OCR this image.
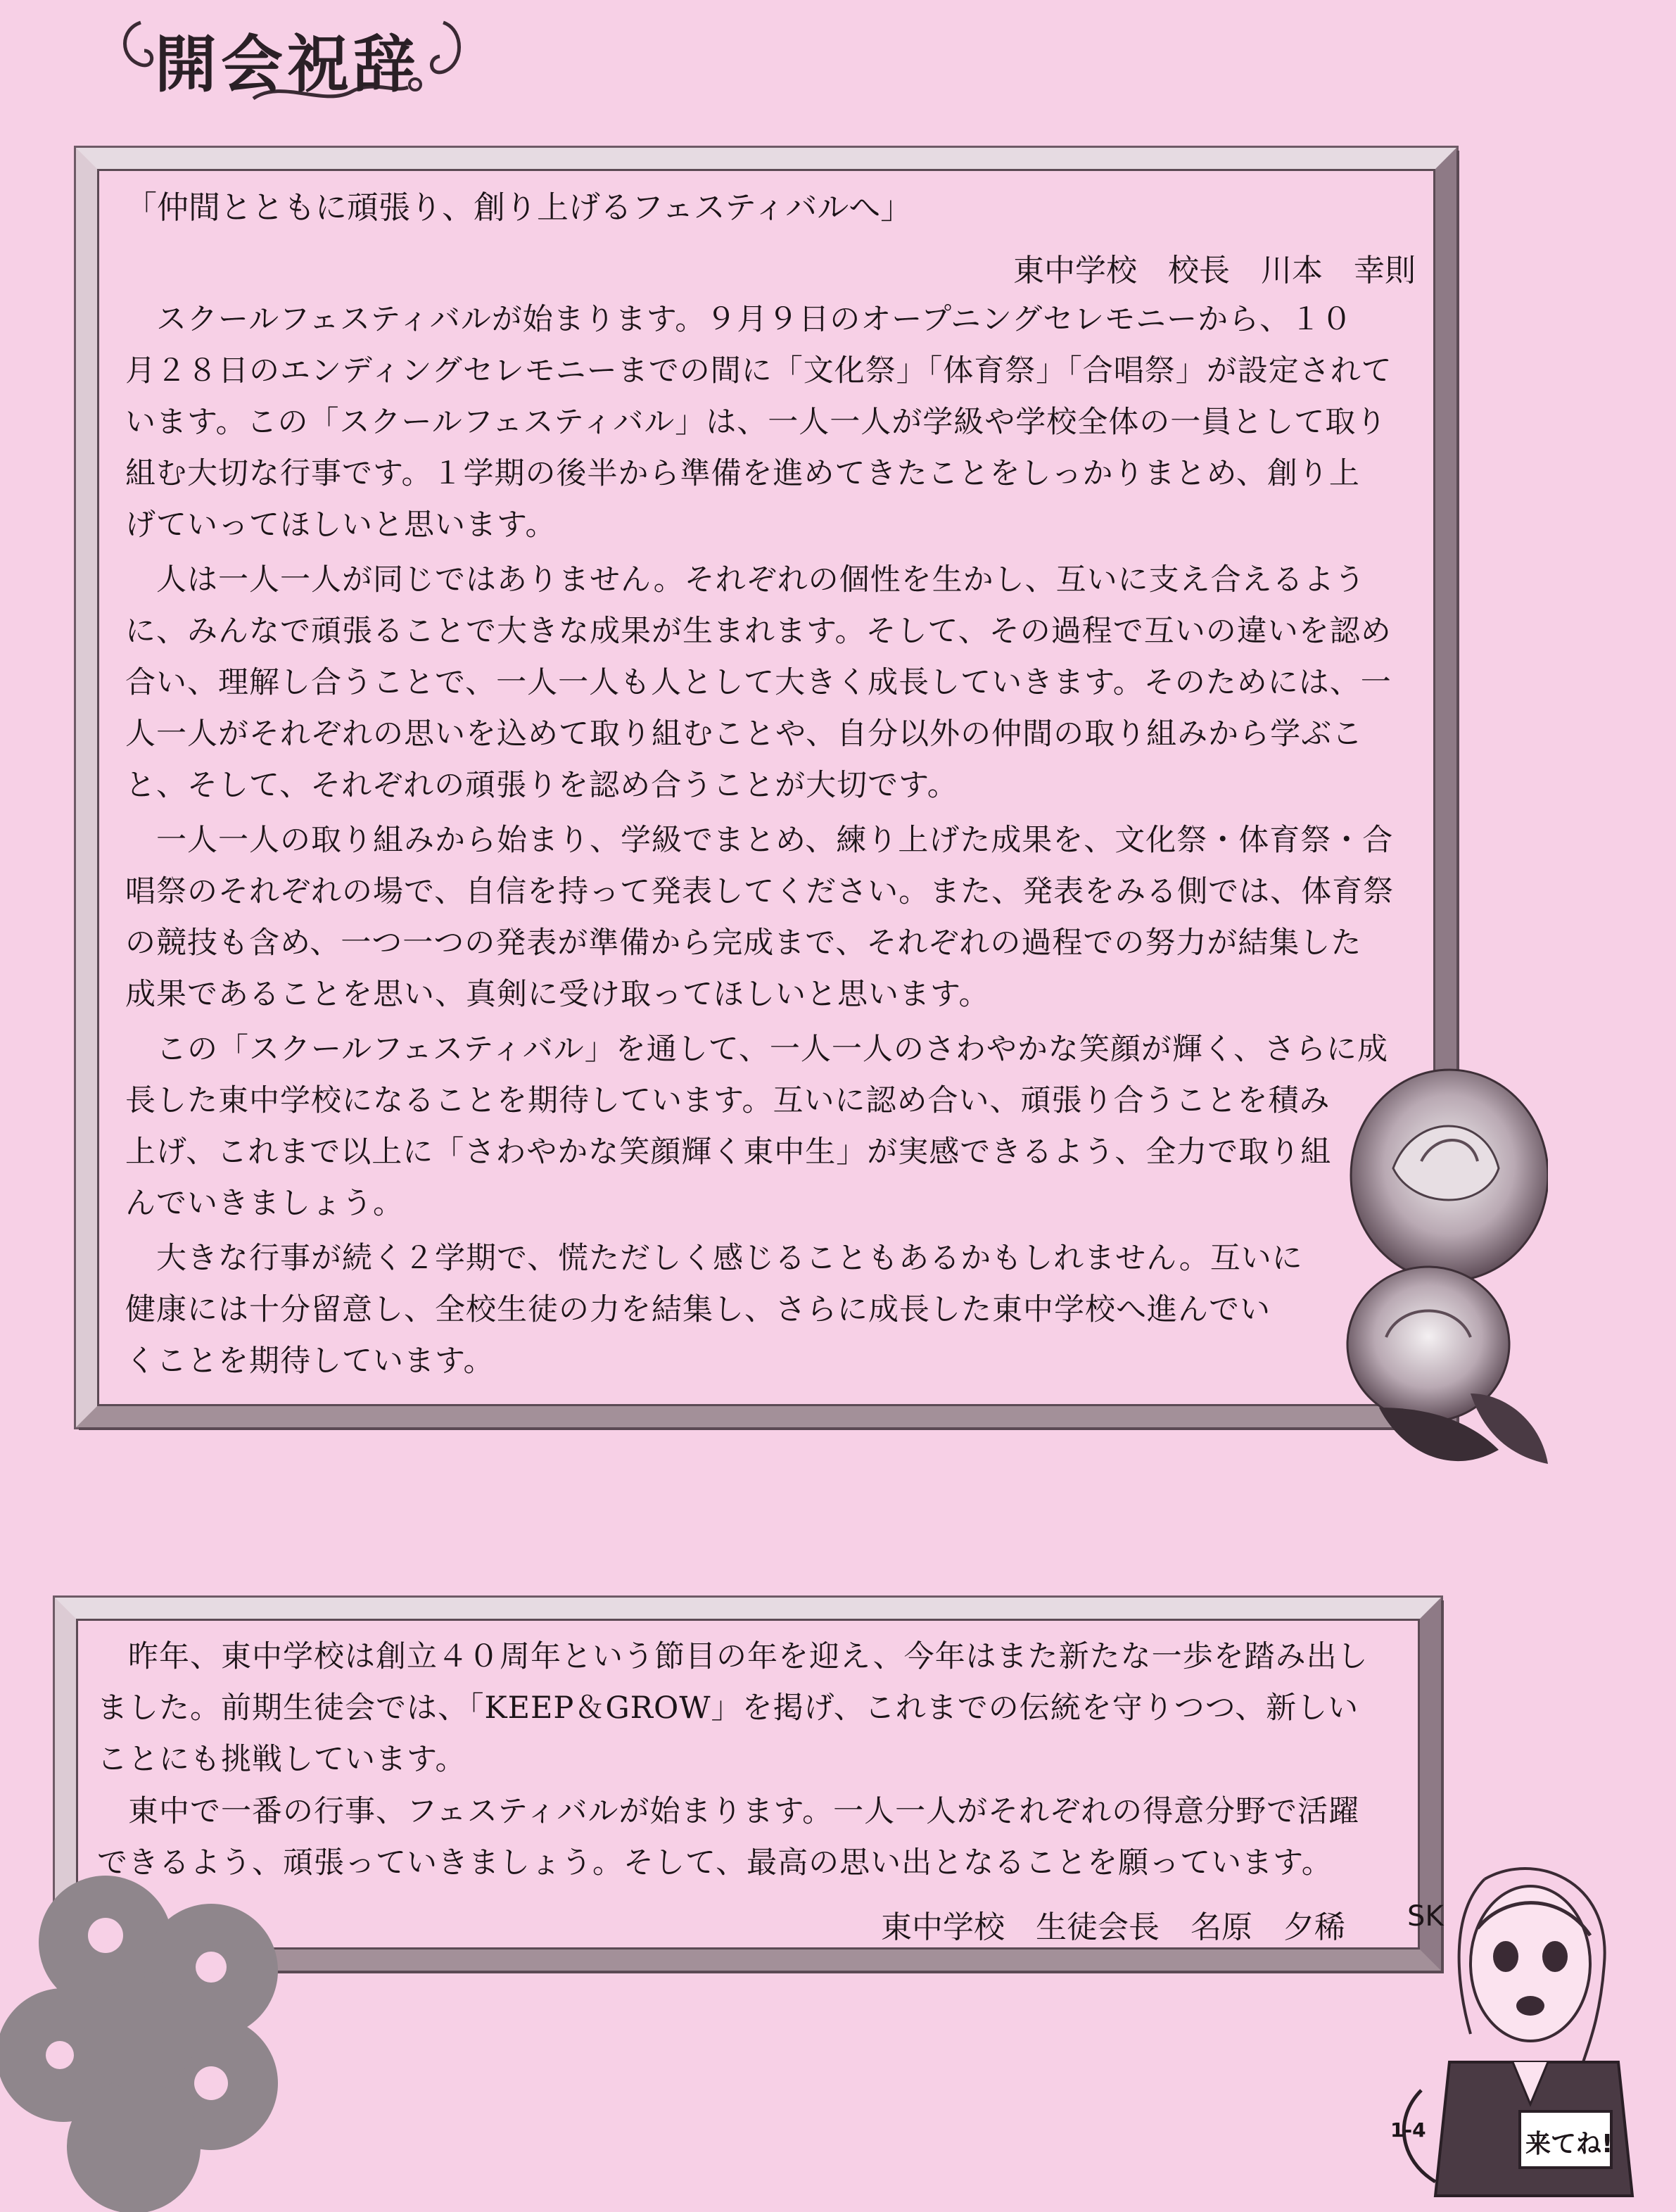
開会祝辞
「仲間とともに頑張り、創り上げるフェスティバルへ」
東中学校　校長　川本　幸則

　スクールフェスティバルが始まります。９月９日のオープニングセレモニーから、１０
月２８日のエンディングセレモニーまでの間に「文化祭」「体育祭」「合唱祭」が設定されて
います。この「スクールフェスティバル」は、一人一人が学級や学校全体の一員として取り
組む大切な行事です。１学期の後半から準備を進めてきたことをしっかりまとめ、創り上
げていってほしいと思います。

　人は一人一人が同じではありません。それぞれの個性を生かし、互いに支え合えるよう
に、みんなで頑張ることで大きな成果が生まれます。そして、その過程で互いの違いを認め
合い、理解し合うことで、一人一人も人として大きく成長していきます。そのためには、一
人一人がそれぞれの思いを込めて取り組むことや、自分以外の仲間の取り組みから学ぶこ
と、そして、それぞれの頑張りを認め合うことが大切です。

　一人一人の取り組みから始まり、学級でまとめ、練り上げた成果を、文化祭・体育祭・合
唱祭のそれぞれの場で、自信を持って発表してください。また、発表をみる側では、体育祭
の競技も含め、一つ一つの発表が準備から完成まで、それぞれの過程での努力が結集した
成果であることを思い、真剣に受け取ってほしいと思います。

　この「スクールフェスティバル」を通して、一人一人のさわやかな笑顔が輝く、さらに成
長した東中学校になることを期待しています。互いに認め合い、頑張り合うことを積み
上げ、これまで以上に「さわやかな笑顔輝く東中生」が実感できるよう、全力で取り組
んでいきましょう。

　大きな行事が続く２学期で、慌ただしく感じることもあるかもしれません。互いに
健康には十分留意し、全校生徒の力を結集し、さらに成長した東中学校へ進んでい
くことを期待しています。

　昨年、東中学校は創立４０周年という節目の年を迎え、今年はまた新たな一歩を踏み出し
ました。前期生徒会では、「KEEP＆GROW」を掲げ、これまでの伝統を守りつつ、新しい
ことにも挑戦しています。

　東中で一番の行事、フェスティバルが始まります。一人一人がそれぞれの得意分野で活躍
できるよう、頑張っていきましょう。そして、最高の思い出となることを願っています。

東中学校　生徒会長　名原　夕稀 SK
1-4	来てね!
